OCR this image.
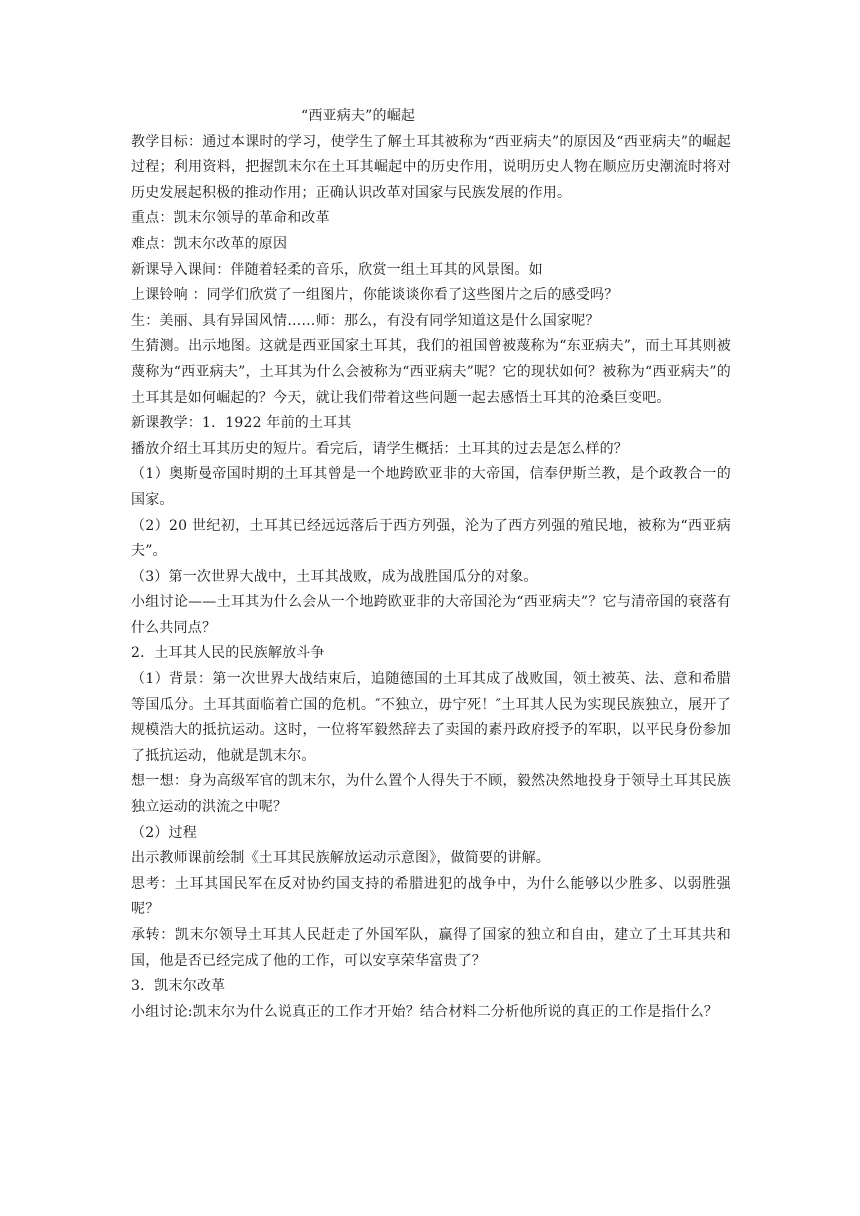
“西亚病夫”的崛起

教学目标：通过本课时的学习，使学生了解土耳其被称为“西亚病夫”的原因及“西亚病夫”的崛起过程；利用资料，把握凯末尔在土耳其崛起中的历史作用，说明历史人物在顺应历史潮流时将对历史发展起积极的推动作用；正确认识改革对国家与民族发展的作用。

重点：凯末尔领导的革命和改革

难点：凯末尔改革的原因

新课导入课间：伴随着轻柔的音乐，欣赏一组土耳其的风景图。如

上课铃响 ：同学们欣赏了一组图片，你能谈谈你看了这些图片之后的感受吗？

生：美丽、具有异国风情……师：那么，有没有同学知道这是什么国家呢？

生猜测。出示地图。这就是西亚国家土耳其，我们的祖国曾被蔑称为“东亚病夫”，而土耳其则被蔑称为“西亚病夫”，土耳其为什么会被称为“西亚病夫”呢？它的现状如何？被称为“西亚病夫”的土耳其是如何崛起的？今天，就让我们带着这些问题一起去感悟土耳其的沧桑巨变吧。

新课教学：1．1922 年前的土耳其

播放介绍土耳其历史的短片。看完后，请学生概括：土耳其的过去是怎么样的？

（1）奥斯曼帝国时期的土耳其曾是一个地跨欧亚非的大帝国，信奉伊斯兰教，是个政教合一的国家。

（2）20 世纪初，土耳其已经远远落后于西方列强，沦为了西方列强的殖民地，被称为“西亚病夫”。

（3）第一次世界大战中，土耳其战败，成为战胜国瓜分的对象。

小组讨论——土耳其为什么会从一个地跨欧亚非的大帝国沦为“西亚病夫”？它与清帝国的衰落有什么共同点？

2．土耳其人民的民族解放斗争

（1）背景：第一次世界大战结束后，追随德国的土耳其成了战败国，领土被英、法、意和希腊等国瓜分。土耳其面临着亡国的危机。″不独立，毋宁死！″土耳其人民为实现民族独立，展开了规模浩大的抵抗运动。这时，一位将军毅然辞去了卖国的素丹政府授予的军职，以平民身份参加了抵抗运动，他就是凯末尔。

想一想：身为高级军官的凯末尔，为什么置个人得失于不顾，毅然决然地投身于领导土耳其民族独立运动的洪流之中呢？

（2）过程

出示教师课前绘制《土耳其民族解放运动示意图》，做简要的讲解。

思考：土耳其国民军在反对协约国支持的希腊进犯的战争中，为什么能够以少胜多、以弱胜强呢？

承转：凯末尔领导土耳其人民赶走了外国军队，赢得了国家的独立和自由，建立了土耳其共和国，他是否已经完成了他的工作，可以安享荣华富贵了？

3．凯末尔改革

小组讨论:凯末尔为什么说真正的工作才开始？结合材料二分析他所说的真正的工作是指什么？
